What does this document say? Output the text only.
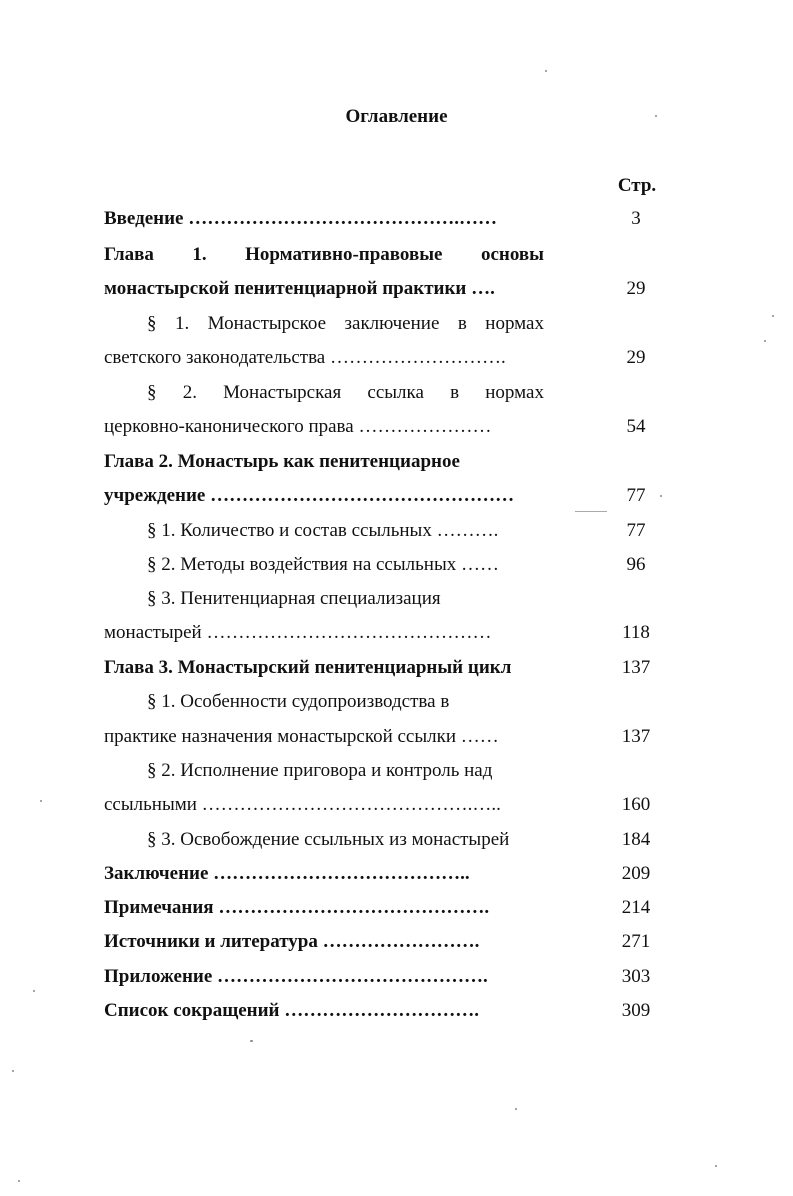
Оглавление
Стр.
Введение …………………………………….……	3
Глава 1. Нормативно-правовые основы
монастырской пенитенциарной практики ….	29
§ 1. Монастырское заключение в нормах
светского законодательства ……………………….	29
§ 2. Монастырская ссылка в нормах
церковно-канонического права …………………	54
Глава 2. Монастырь как пенитенциарное
учреждение …………………………………………	77
§ 1. Количество и состав ссыльных ……….	77
§ 2. Методы воздействия на ссыльных ……	96
§ 3. Пенитенциарная специализация
монастырей ………………………………………	118
Глава 3. Монастырский пенитенциарный цикл	137
§ 1. Особенности судопроизводства в
практике назначения монастырской ссылки ……	137
§ 2. Исполнение приговора и контроль над
ссыльными …………………………………….…..	160
§ 3. Освобождение ссыльных из монастырей	184
Заключение …………………………………..	209
Примечания …………………………………….	214
Источники и литература …………………….	271
Приложение …………………………………….	303
Список сокращений ………………………….	309
